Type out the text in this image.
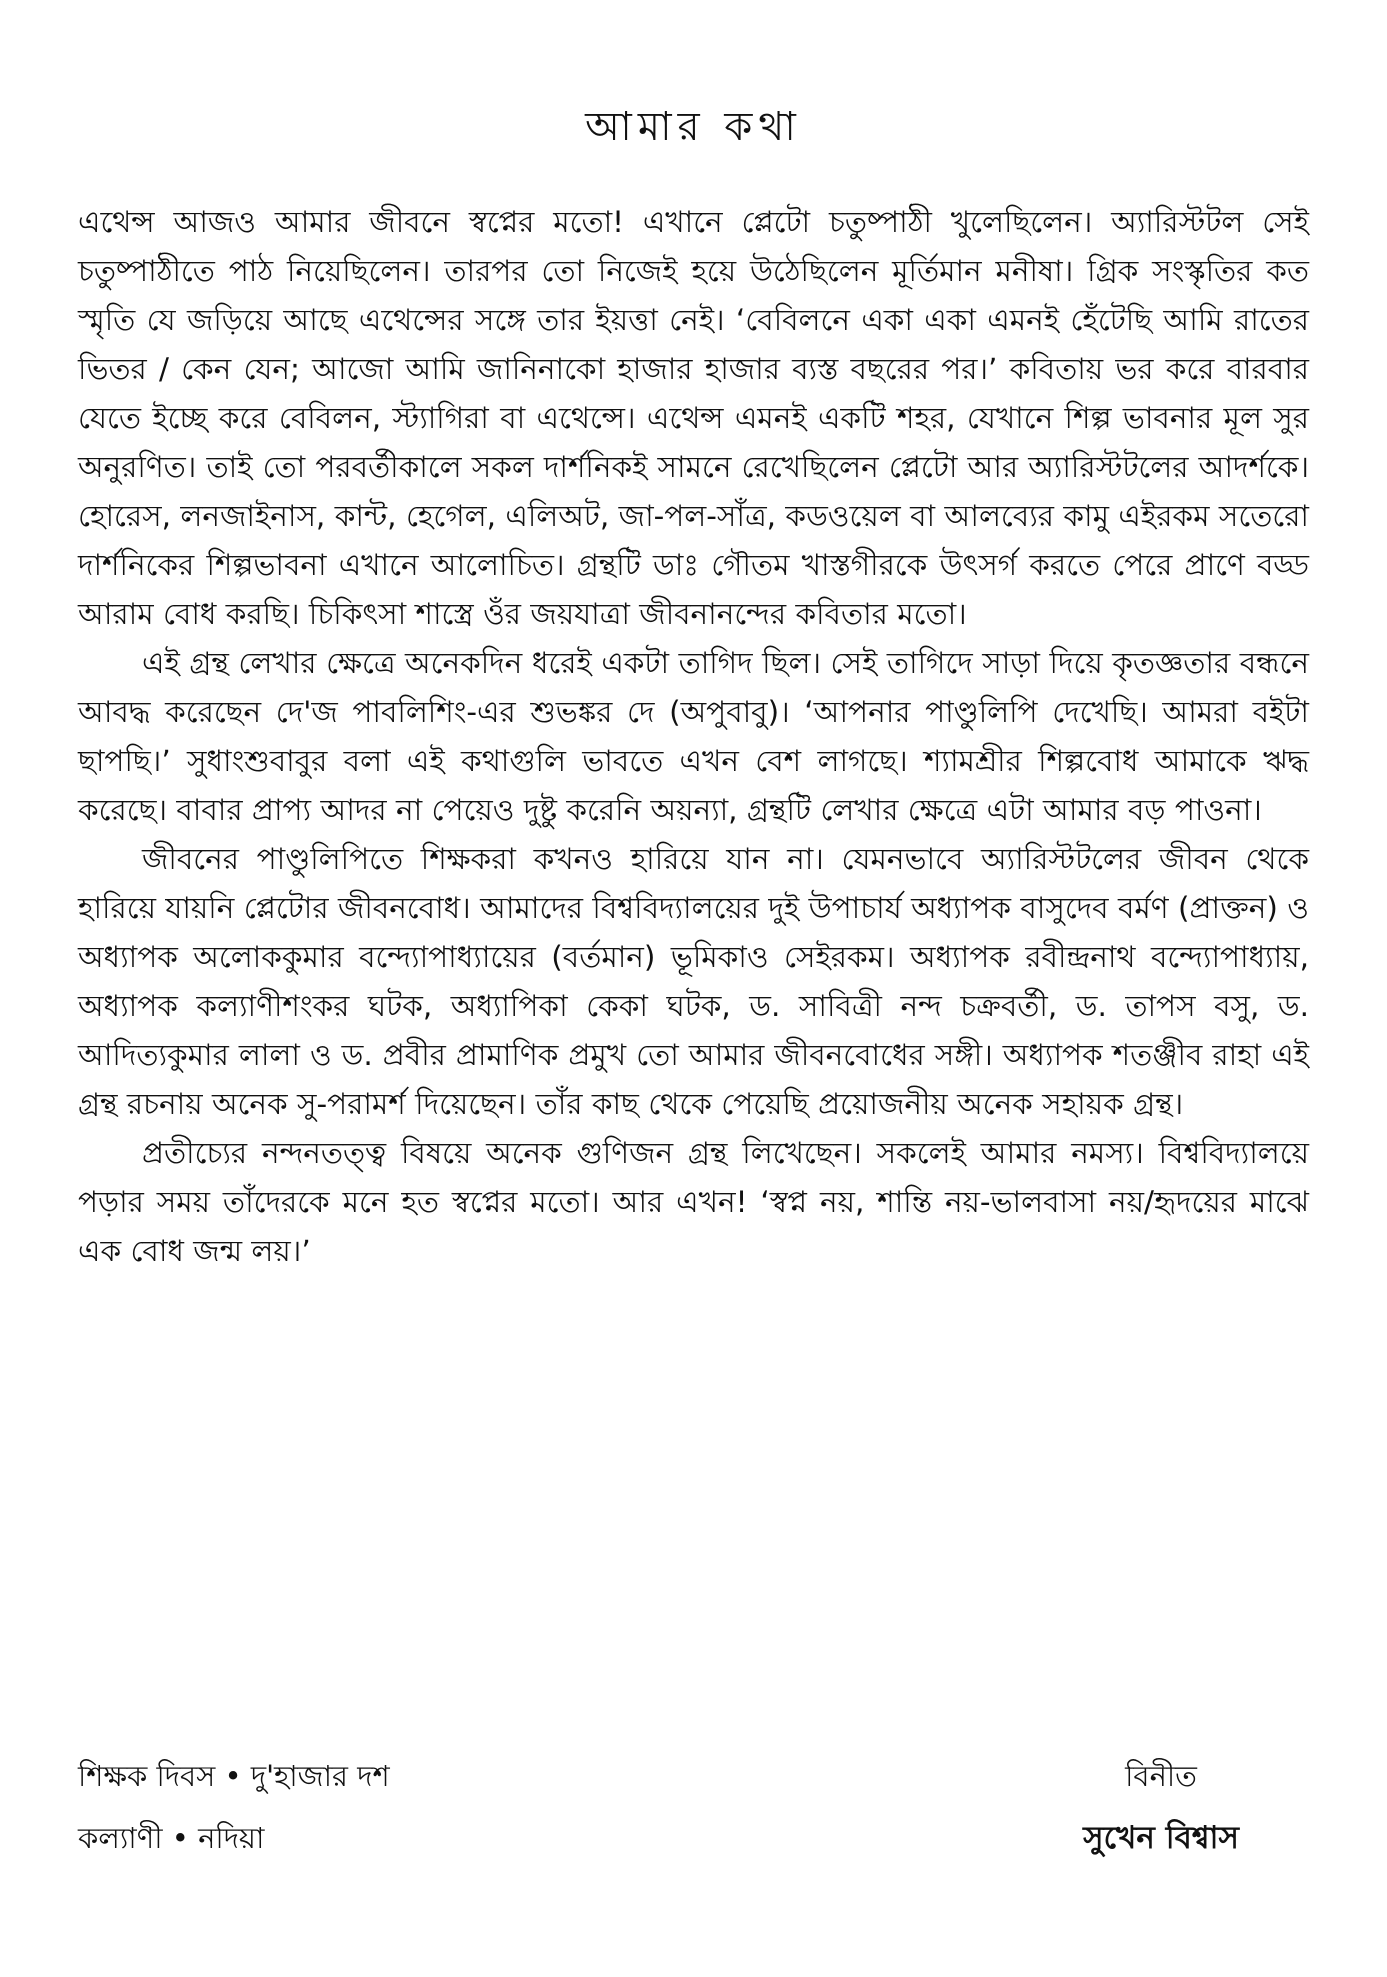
আমার কথা

এথেন্স আজও আমার জীবনে স্বপ্নের মতো! এখানে প্লেটো চতুষ্পাঠী খুলেছিলেন। অ্যারিস্টটল সেই চতুষ্পাঠীতে পাঠ নিয়েছিলেন। তারপর তো নিজেই হয়ে উঠেছিলেন মূর্তিমান মনীষা। গ্রিক সংস্কৃতির কত স্মৃতি যে জড়িয়ে আছে এথেন্সের সঙ্গে তার ইয়ত্তা নেই। ‘বেবিলনে একা একা এমনই হেঁটেছি আমি রাতের ভিতর / কেন যেন; আজো আমি জানিনাকো হাজার হাজার ব্যস্ত বছরের পর।’ কবিতায় ভর করে বারবার যেতে ইচ্ছে করে বেবিলন, স্ট্যাগিরা বা এথেন্সে। এথেন্স এমনই একটি শহর, যেখানে শিল্প ভাবনার মূল সুর অনুরণিত। তাই তো পরবর্তীকালে সকল দার্শনিকই সামনে রেখেছিলেন প্লেটো আর অ্যারিস্টটলের আদর্শকে। হোরেস, লনজাইনাস, কান্ট, হেগেল, এলিঅট, জা-পল-সাঁত্র, কডওয়েল বা আলব্যের কামু এইরকম সতেরো দার্শনিকের শিল্পভাবনা এখানে আলোচিত। গ্রন্থটি ডাঃ গৌতম খাস্তগীরকে উৎসর্গ করতে পেরে প্রাণে বড্ড আরাম বোধ করছি। চিকিৎসা শাস্ত্রে ওঁর জয়যাত্রা জীবনানন্দের কবিতার মতো।

এই গ্রন্থ লেখার ক্ষেত্রে অনেকদিন ধরেই একটা তাগিদ ছিল। সেই তাগিদে সাড়া দিয়ে কৃতজ্ঞতার বন্ধনে আবদ্ধ করেছেন দে'জ পাবলিশিং-এর শুভঙ্কর দে (অপুবাবু)। ‘আপনার পাণ্ডুলিপি দেখেছি। আমরা বইটা ছাপছি।’ সুধাংশুবাবুর বলা এই কথাগুলি ভাবতে এখন বেশ লাগছে। শ্যামশ্রীর শিল্পবোধ আমাকে ঋদ্ধ করেছে। বাবার প্রাপ্য আদর না পেয়েও দুষ্টু করেনি অয়ন্যা, গ্রন্থটি লেখার ক্ষেত্রে এটা আমার বড় পাওনা।

জীবনের পাণ্ডুলিপিতে শিক্ষকরা কখনও হারিয়ে যান না। যেমনভাবে অ্যারিস্টটলের জীবন থেকে হারিয়ে যায়নি প্লেটোর জীবনবোধ। আমাদের বিশ্ববিদ্যালয়ের দুই উপাচার্য অধ্যাপক বাসুদেব বর্মণ (প্রাক্তন) ও অধ্যাপক অলোককুমার বন্দ্যোপাধ্যায়ের (বর্তমান) ভূমিকাও সেইরকম। অধ্যাপক রবীন্দ্রনাথ বন্দ্যোপাধ্যায়, অধ্যাপক কল্যাণীশংকর ঘটক, অধ্যাপিকা কেকা ঘটক, ড. সাবিত্রী নন্দ চক্রবর্তী, ড. তাপস বসু, ড. আদিত্যকুমার লালা ও ড. প্রবীর প্রামাণিক প্রমুখ তো আমার জীবনবোধের সঙ্গী। অধ্যাপক শতঞ্জীব রাহা এই গ্রন্থ রচনায় অনেক সু-পরামর্শ দিয়েছেন। তাঁর কাছ থেকে পেয়েছি প্রয়োজনীয় অনেক সহায়ক গ্রন্থ।

প্রতীচ্যের নন্দনতত্ত্ব বিষয়ে অনেক গুণিজন গ্রন্থ লিখেছেন। সকলেই আমার নমস্য। বিশ্ববিদ্যালয়ে পড়ার সময় তাঁদেরকে মনে হত স্বপ্নের মতো। আর এখন! ‘স্বপ্ন নয়, শান্তি নয়-ভালবাসা নয়/হৃদয়ের মাঝে এক বোধ জন্ম লয়।’

শিক্ষক দিবস • দু'হাজার দশ
কল্যাণী • নদিয়া
বিনীত
সুখেন বিশ্বাস
